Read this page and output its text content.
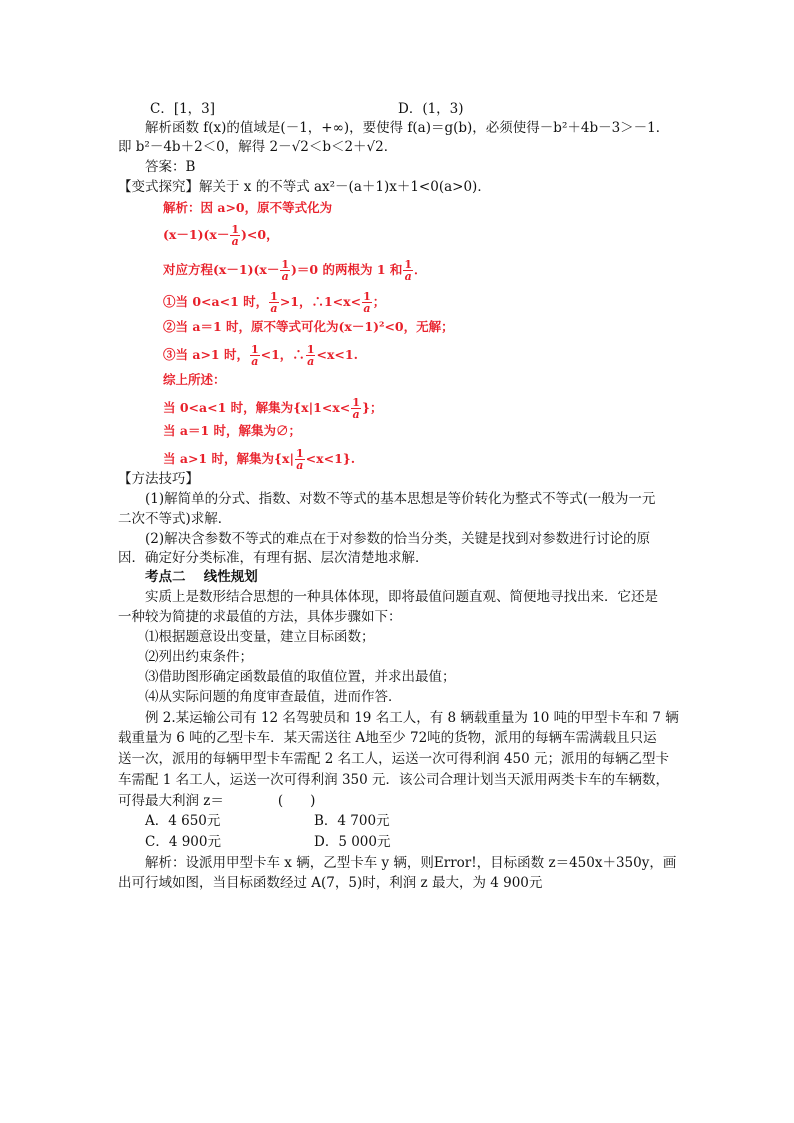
C．[1，3]	D．(1，3)
解析函数 f(x)的值域是(－1，+∞)，要使得 f(a)＝g(b)，必须使得－b²＋4b－3＞－1．
即 b²－4b＋2＜0，解得 2－√2＜b＜2＋√2．
答案：B
【变式探究】解关于 x 的不等式 ax²－(a＋1)x＋1<0(a>0)．
解析：因 a>0，原不等式化为
$(x-1)(x- \frac{1}{a} )<0$，
对应方程$(x-1)(x- \frac{1}{a} )=0$ 的两根为 1 和 $\frac{1}{a}$ ．
①当 0<a<1 时， $\frac{1}{a} >1$，∴1<x< $\frac{1}{a}$ ；
②当 a＝1 时，原不等式可化为(x－1)²<0，无解；
③当 a>1 时， $\frac{1}{a} <1$，∴ $\frac{1}{a} <x<1$.
综上所述：
当 0<a<1 时，解集为{$x|1<x< \frac{1}{a}$ }；
当 a＝1 时，解集为∅；
当 a>1 时，解集为$\{x| \frac{1}{a} <x<1\}$.
【方法技巧】
(1)解简单的分式、指数、对数不等式的基本思想是等价转化为整式不等式(一般为一元
二次不等式)求解．
(2)解决含参数不等式的难点在于对参数的恰当分类，关键是找到对参数进行讨论的原
因．确定好分类标准，有理有据、层次清楚地求解．
考点二　 线性规划
实质上是数形结合思想的一种具体体现，即将最值问题直观、简便地寻找出来．它还是
一种较为简捷的求最值的方法，具体步骤如下：
⑴根据题意设出变量，建立目标函数；
⑵列出约束条件；
⑶借助图形确定函数最值的取值位置，并求出最值；
⑷从实际问题的角度审查最值，进而作答．
例 2.某运输公司有 12 名驾驶员和 19 名工人，有 8 辆载重量为 10 吨的甲型卡车和 7 辆
载重量为 6 吨的乙型卡车．某天需送往 A地至少 72吨的货物，派用的每辆车需满载且只运
送一次，派用的每辆甲型卡车需配 2 名工人，运送一次可得利润 450 元；派用的每辆乙型卡
车需配 1 名工人，运送一次可得利润 350 元．该公司合理计划当天派用两类卡车的车辆数，
可得最大利润 z＝　　　　(　　)
A．4 650元	B．4 700元
C．4 900元	D．5 000元
解析：设派用甲型卡车 x 辆，乙型卡车 y 辆，则Error!，目标函数 z＝450x＋350y，画
出可行域如图，当目标函数经过 A(7，5)时，利润 z 最大，为 4 900元
